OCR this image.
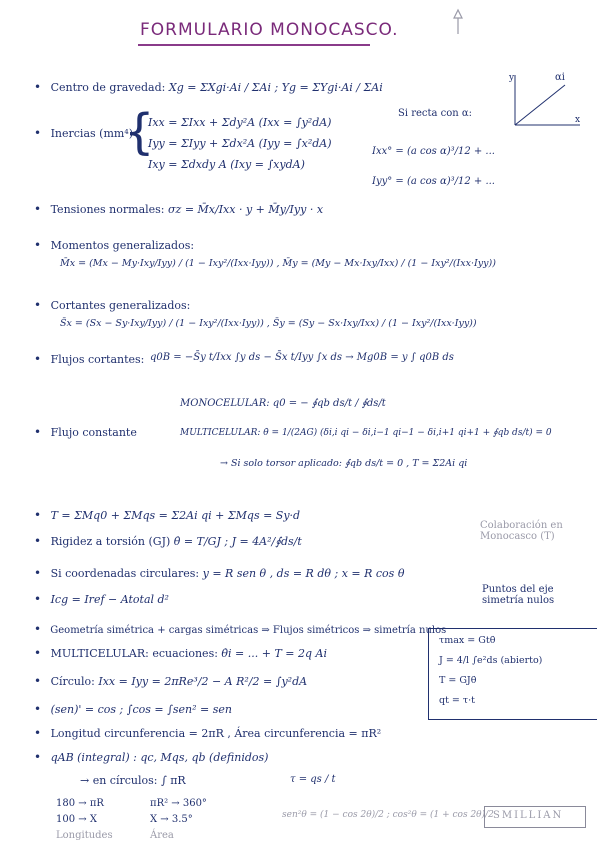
FORMULARIO MONOCASCO.
y
x
αi
• Centro de gravedad: Xg = ΣXgi·Ai / ΣAi ; Yg = ΣYgi·Ai / ΣAi
• Inercias (mm⁴)
{
Ixx = ΣIxx + Σdy²A (Ixx = ∫y²dA)
Iyy = ΣIyy + Σdx²A (Iyy = ∫x²dA)
Ixy = Σdxdy A (Ixy = ∫xydA)
Si recta con α:
Ixx° = (a cos α)³/12 + ...
Iyy° = (a cos α)³/12 + ...
• Tensiones normales: σz = M̄x/Ixx · y + M̄y/Iyy · x
• Momentos generalizados:
M̄x = (Mx − My·Ixy/Iyy) / (1 − Ixy²/(Ixx·Iyy)) , M̄y = (My − Mx·Ixy/Ixx) / (1 − Ixy²/(Ixx·Iyy))
• Cortantes generalizados:
S̄x = (Sx − Sy·Ixy/Iyy) / (1 − Ixy²/(Ixx·Iyy)) , S̄y = (Sy − Sx·Ixy/Ixx) / (1 − Ixy²/(Ixx·Iyy))
• Flujos cortantes: q0B = −S̄y t/Ixx ∫y ds − S̄x t/Iyy ∫x ds → Mg0B = y ∫ q0B ds
• Flujo constante
MONOCELULAR: q0 = − ∮qb ds/t / ∮ds/t
MULTICELULAR: θ̇ = 1/(2AG) (δi,i qi − δi,i−1 qi−1 − δi,i+1 qi+1 + ∮qb ds/t) = 0
→ Si solo torsor aplicado: ∮qb ds/t = 0 , T = Σ2Ai qi
• T = ΣMq0 + ΣMqs = Σ2Ai qi + ΣMqs = Sy·d
• Rigidez a torsión (GJ) θ̇ = T/GJ ; J = 4A²/∮ds/t
Colaboración en Monocasco (T)
• Si coordenadas circulares: y = R sen θ , ds = R dθ ; x = R cos θ
• Icg = Iref − Atotal d²
Puntos del eje simetría nulos
• Geometría simétrica + cargas simétricas ⇒ Flujos simétricos ⇒ simetría nulos
• MULTICELULAR: ecuaciones: θ̇i = ... + T = 2q Ai
• Círculo: Ixx = Iyy = 2πRe³/2 − A R²/2 = ∫y²dA
• (sen)' = cos ; ∫cos = ∫sen² = sen
• Longitud circunferencia = 2πR , Área circunferencia = πR²
• qAB (integral) : qc, Mqs, qb (definidos)
→ en círculos: ∫ πR	τ = qs / t
τmax = Gtθ̇
J = 4/l ∫e²ds (abierto)
T = GJθ̇
qt = τ·t
180 → πR
100 → X
Longitudes
πR² → 360°
X → 3.5°
Área
sen²θ = (1 − cos 2θ)/2 ; cos²θ = (1 + cos 2θ)/2 SMILLIAN
